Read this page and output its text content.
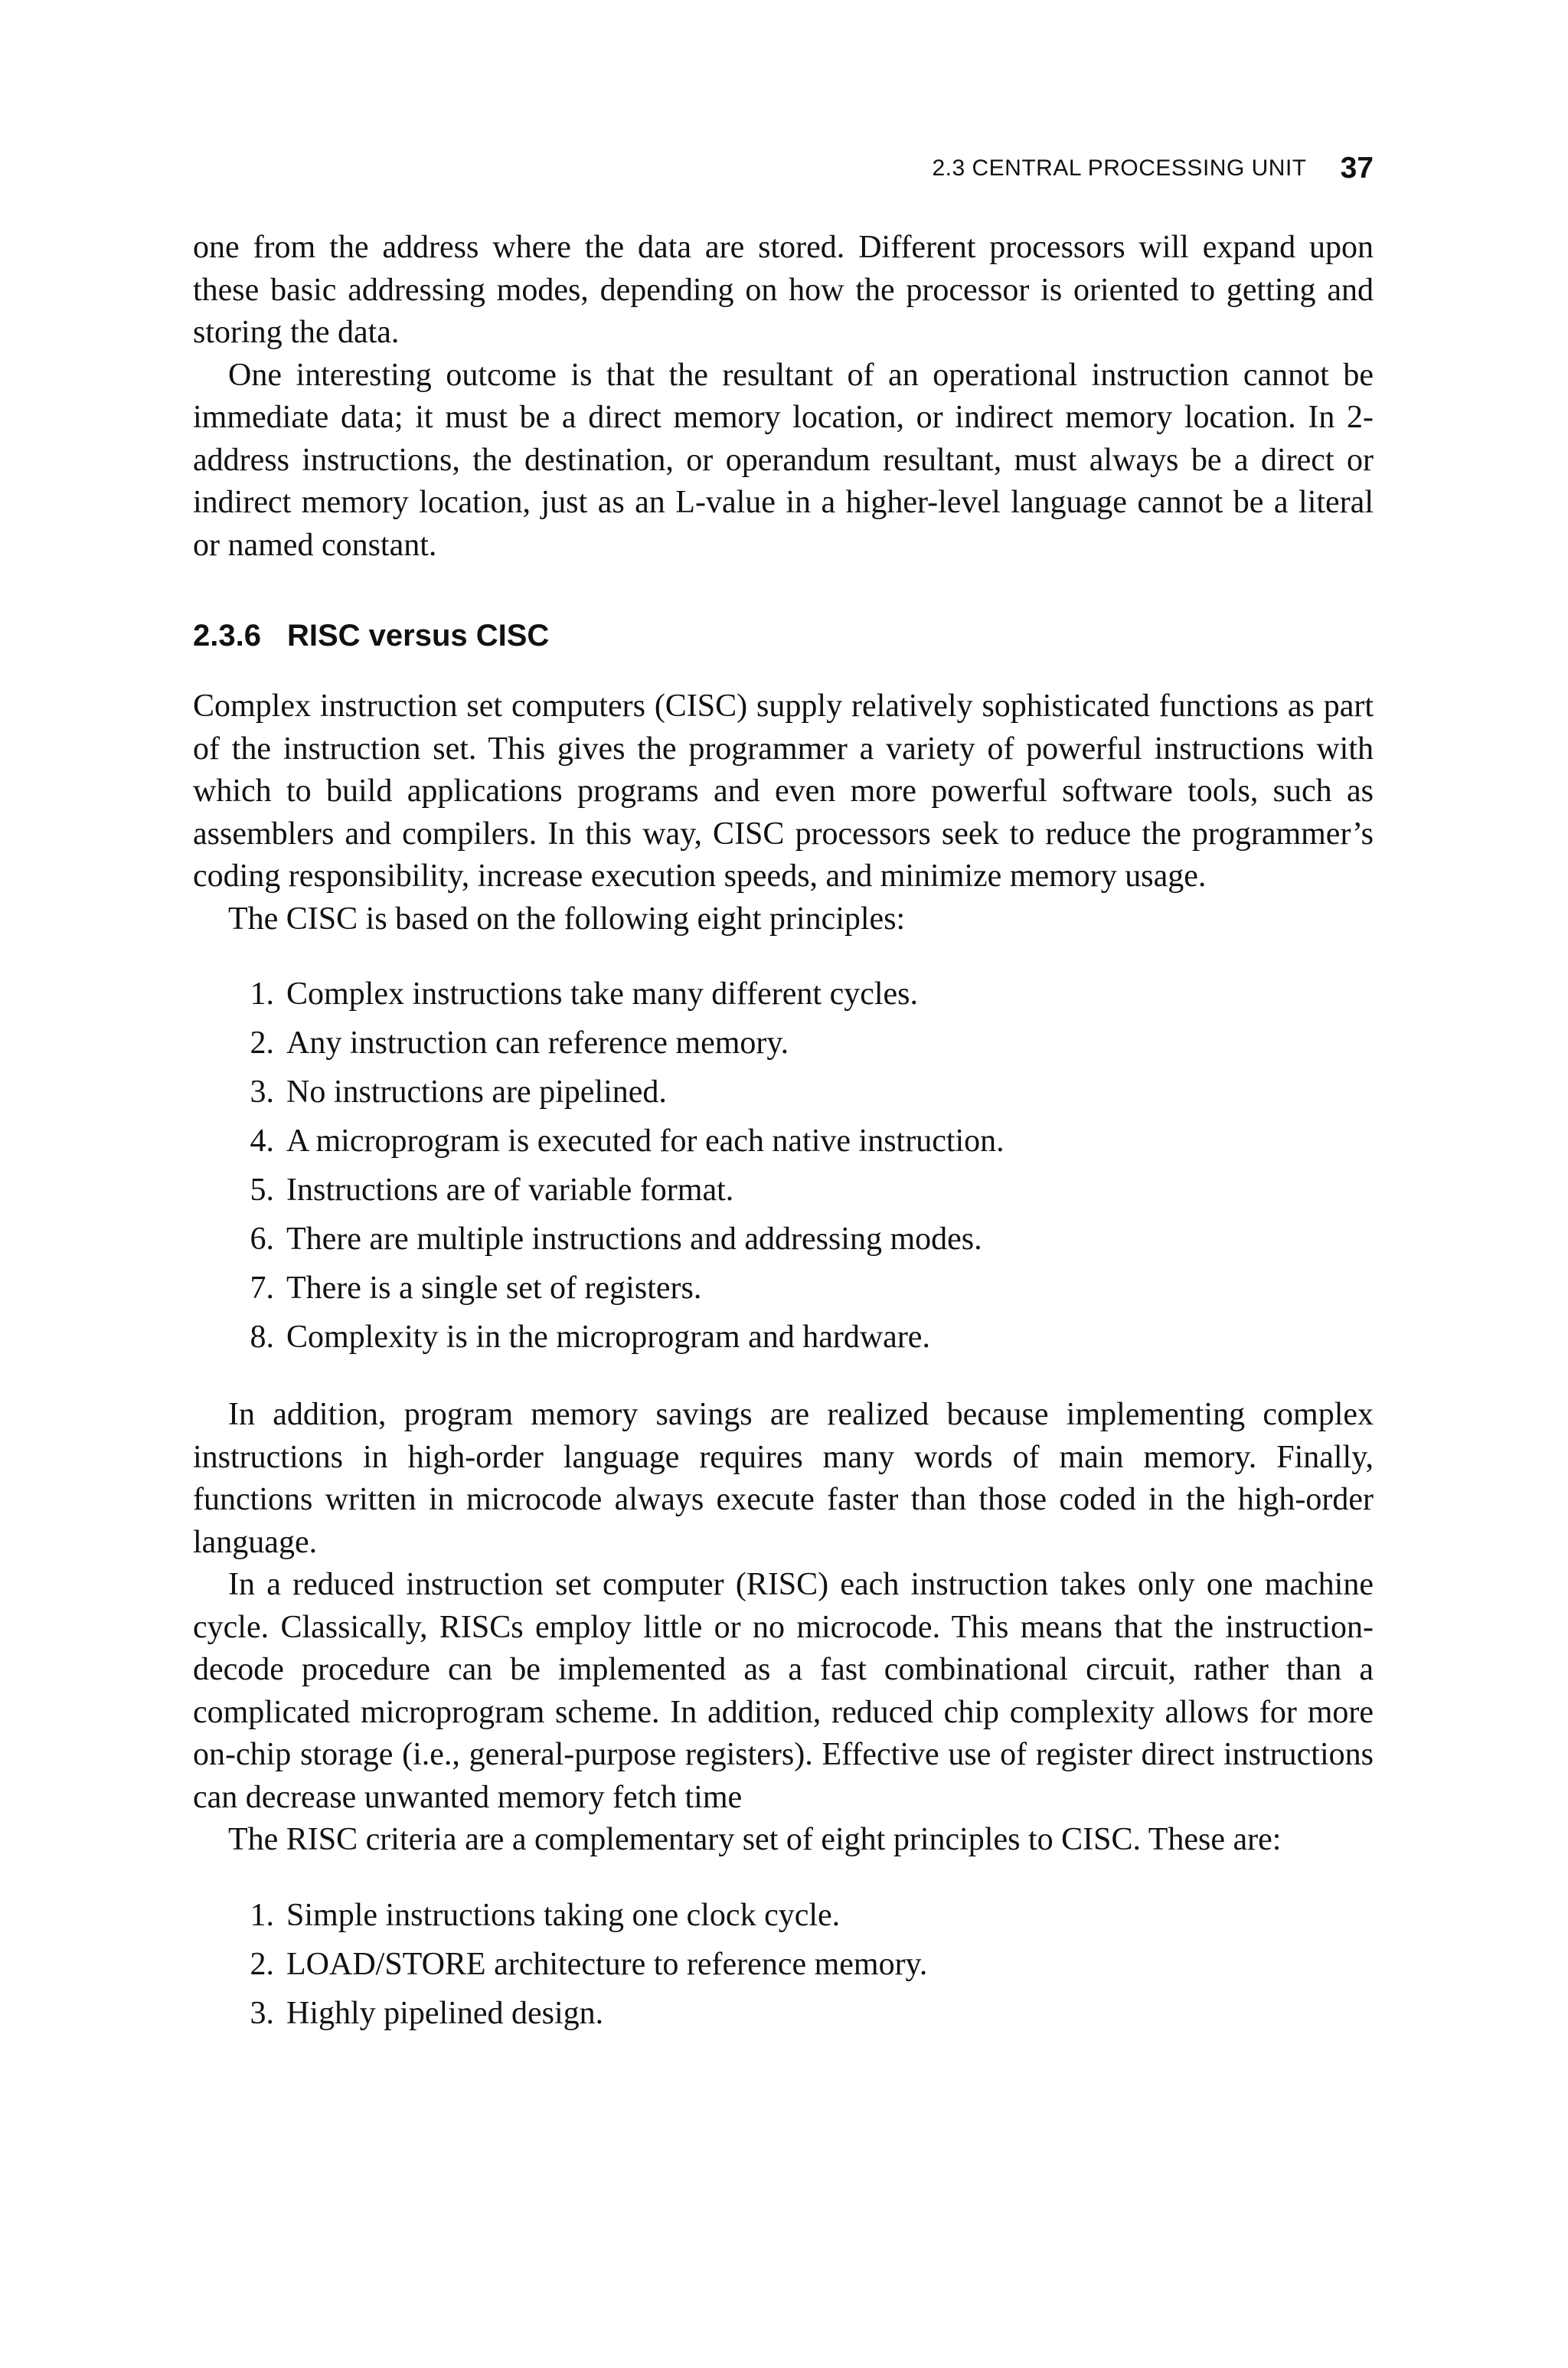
2.3 CENTRAL PROCESSING UNIT 37

one from the address where the data are stored. Different processors will expand upon these basic addressing modes, depending on how the processor is oriented to getting and storing the data.

One interesting outcome is that the resultant of an operational instruction cannot be immediate data; it must be a direct memory location, or indirect memory location. In 2-address instructions, the destination, or operandum resultant, must always be a direct or indirect memory location, just as an L-value in a higher-level language cannot be a literal or named constant.

2.3.6 RISC versus CISC

Complex instruction set computers (CISC) supply relatively sophisticated functions as part of the instruction set. This gives the programmer a variety of powerful instructions with which to build applications programs and even more powerful software tools, such as assemblers and compilers. In this way, CISC processors seek to reduce the programmer’s coding responsibility, increase execution speeds, and minimize memory usage.

The CISC is based on the following eight principles:

1. Complex instructions take many different cycles.
2. Any instruction can reference memory.
3. No instructions are pipelined.
4. A microprogram is executed for each native instruction.
5. Instructions are of variable format.
6. There are multiple instructions and addressing modes.
7. There is a single set of registers.
8. Complexity is in the microprogram and hardware.

In addition, program memory savings are realized because implementing complex instructions in high-order language requires many words of main memory. Finally, functions written in microcode always execute faster than those coded in the high-order language.

In a reduced instruction set computer (RISC) each instruction takes only one machine cycle. Classically, RISCs employ little or no microcode. This means that the instruction-decode procedure can be implemented as a fast combinational circuit, rather than a complicated microprogram scheme. In addition, reduced chip complexity allows for more on-chip storage (i.e., general-purpose registers). Effective use of register direct instructions can decrease unwanted memory fetch time

The RISC criteria are a complementary set of eight principles to CISC. These are:

1. Simple instructions taking one clock cycle.
2. LOAD/STORE architecture to reference memory.
3. Highly pipelined design.
